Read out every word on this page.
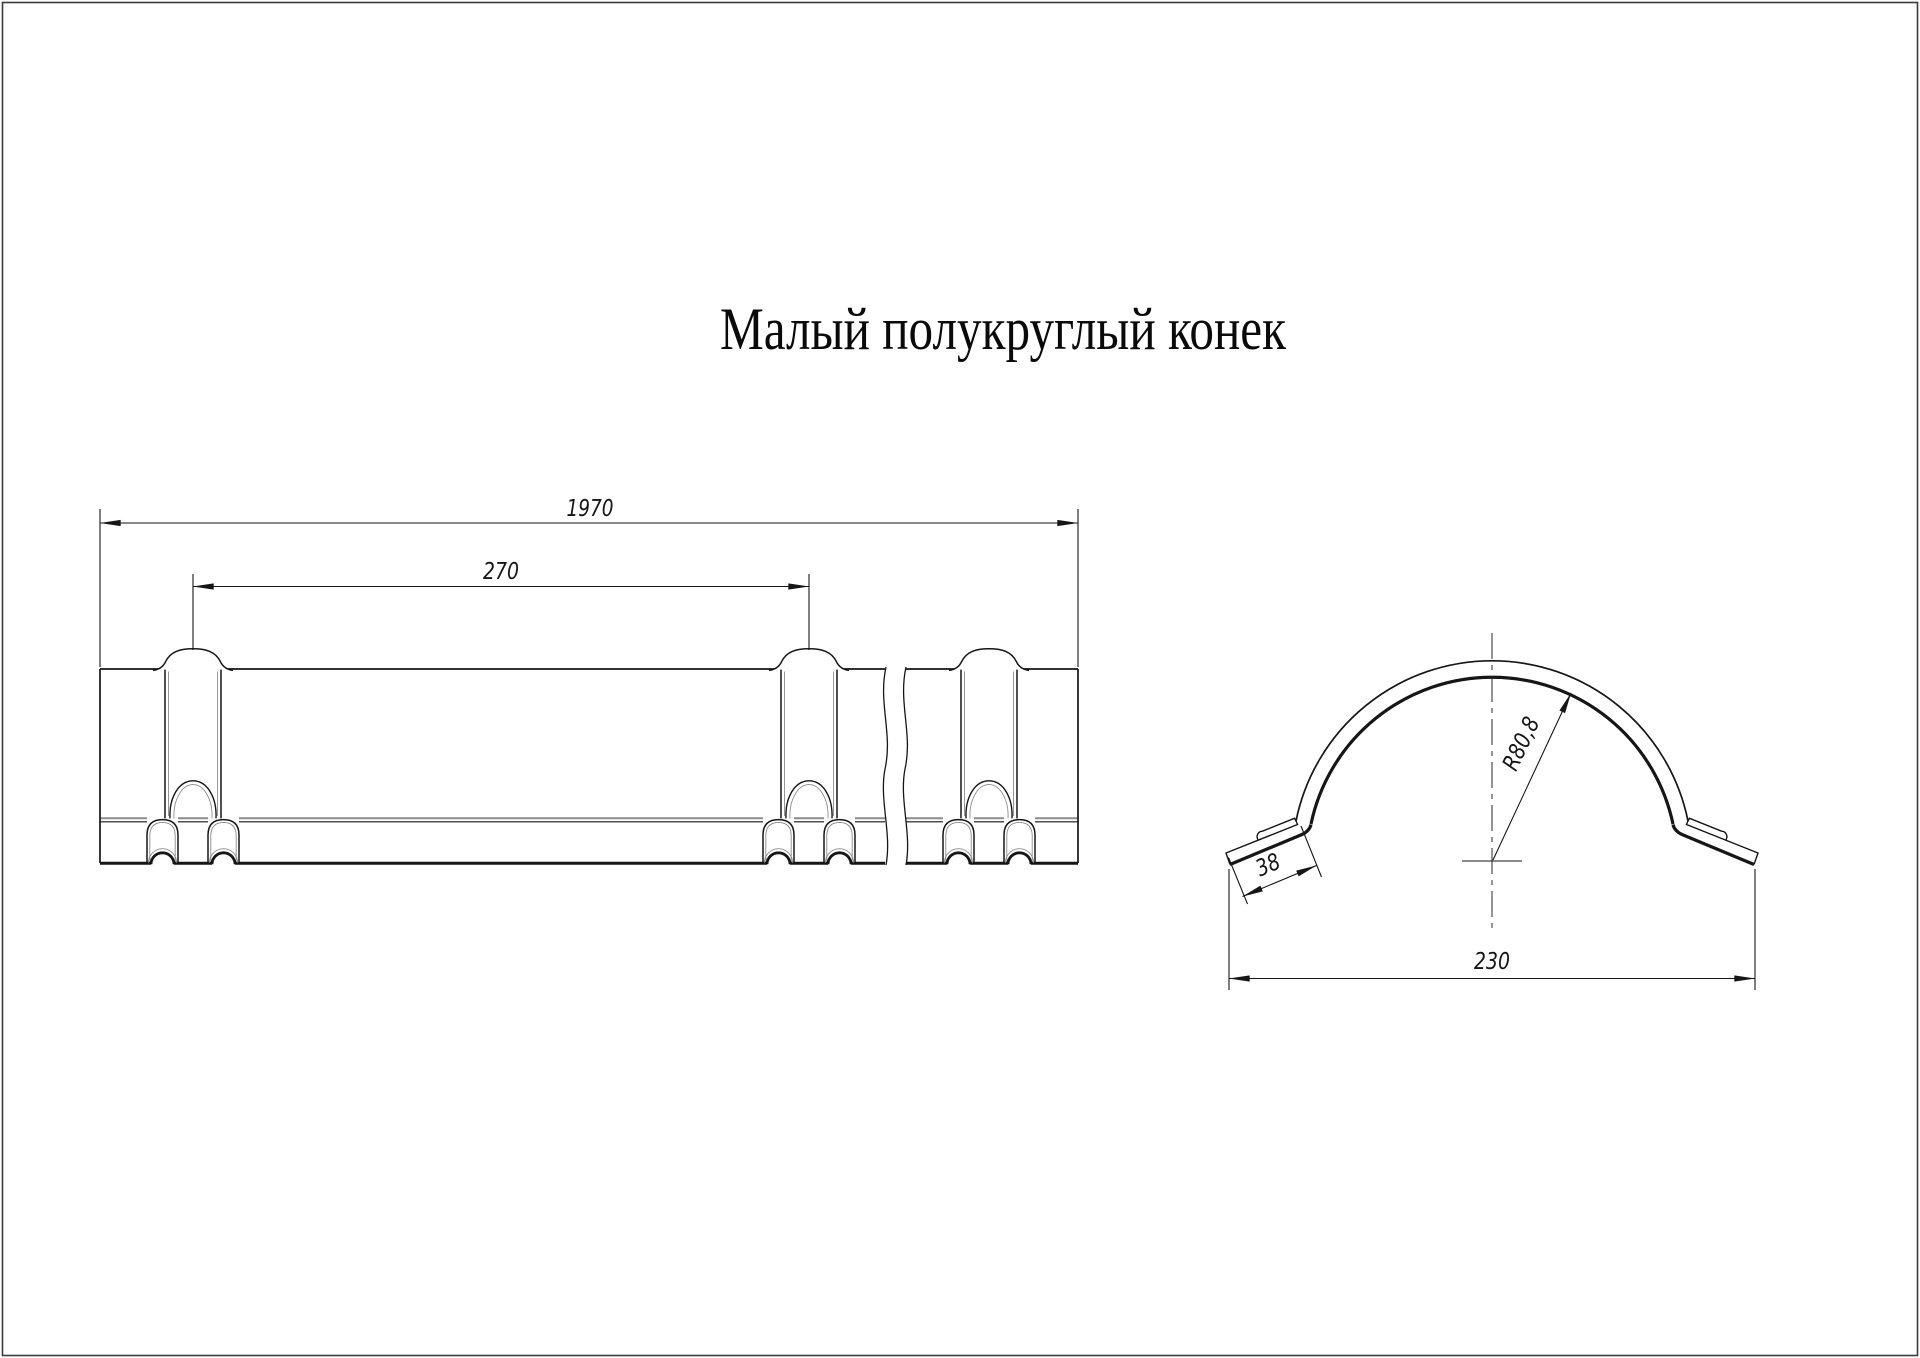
Малый полукруглый конек
1970
270
R80,8
38
230
